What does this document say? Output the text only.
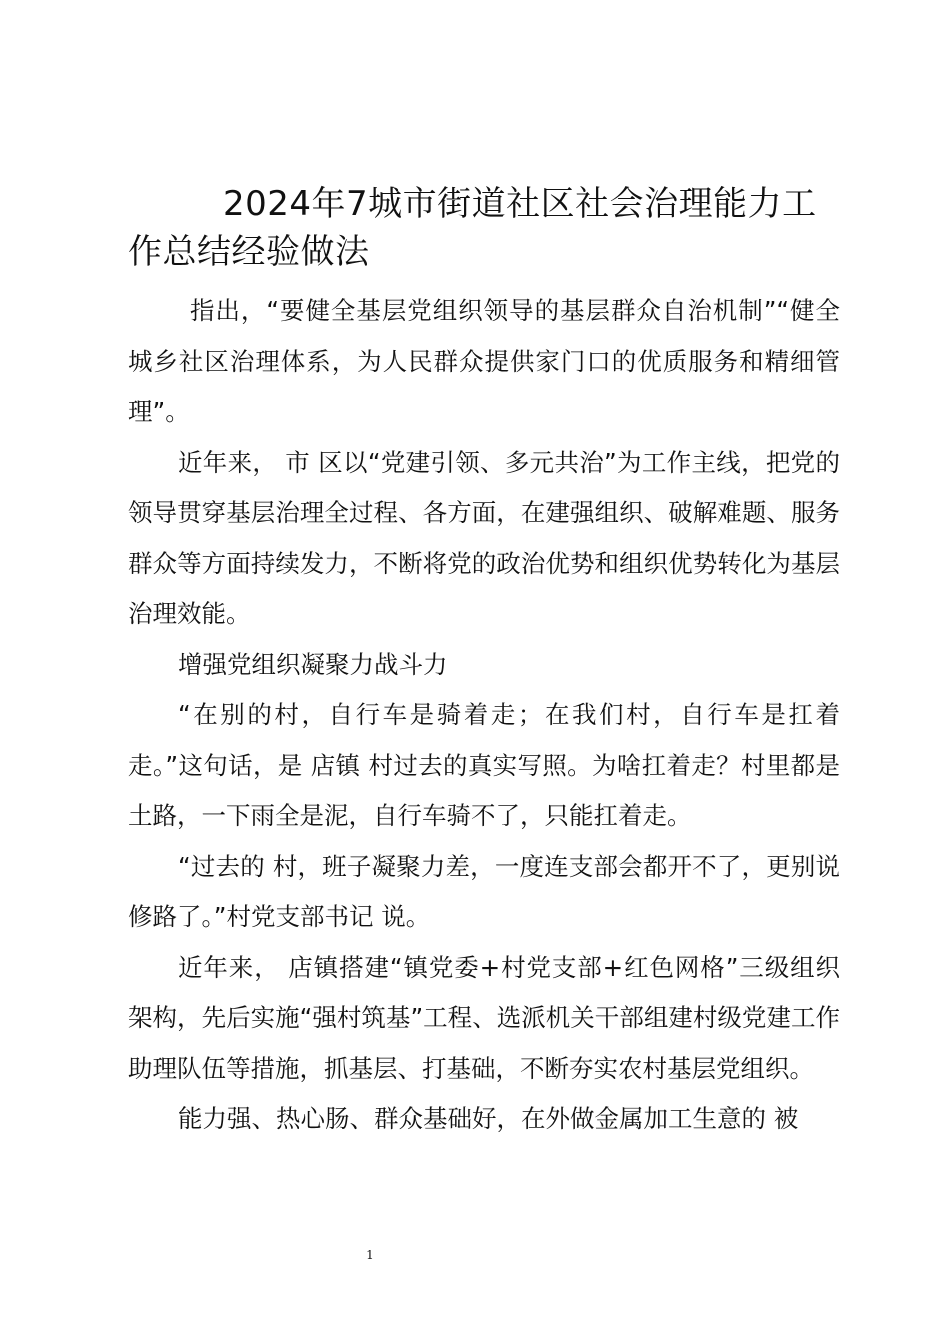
2024年7城市街道社区社会治理能力工作总结经验做法

指出，“要健全基层党组织领导的基层群众自治机制”“健全城乡社区治理体系，为人民群众提供家门口的优质服务和精细管理”。

近年来， 市 区以“党建引领、多元共治”为工作主线，把党的领导贯穿基层治理全过程、各方面，在建强组织、破解难题、服务群众等方面持续发力，不断将党的政治优势和组织优势转化为基层治理效能。

增强党组织凝聚力战斗力

“在别的村，自行车是骑着走；在我们村，自行车是扛着走。”这句话，是 店镇 村过去的真实写照。为啥扛着走？村里都是土路，一下雨全是泥，自行车骑不了，只能扛着走。

“过去的 村，班子凝聚力差，一度连支部会都开不了，更别说修路了。”村党支部书记 说。

近年来， 店镇搭建“镇党委+村党支部+红色网格”三级组织架构，先后实施“强村筑基”工程、选派机关干部组建村级党建工作助理队伍等措施，抓基层、打基础，不断夯实农村基层党组织。

能力强、热心肠、群众基础好，在外做金属加工生意的 被

1
